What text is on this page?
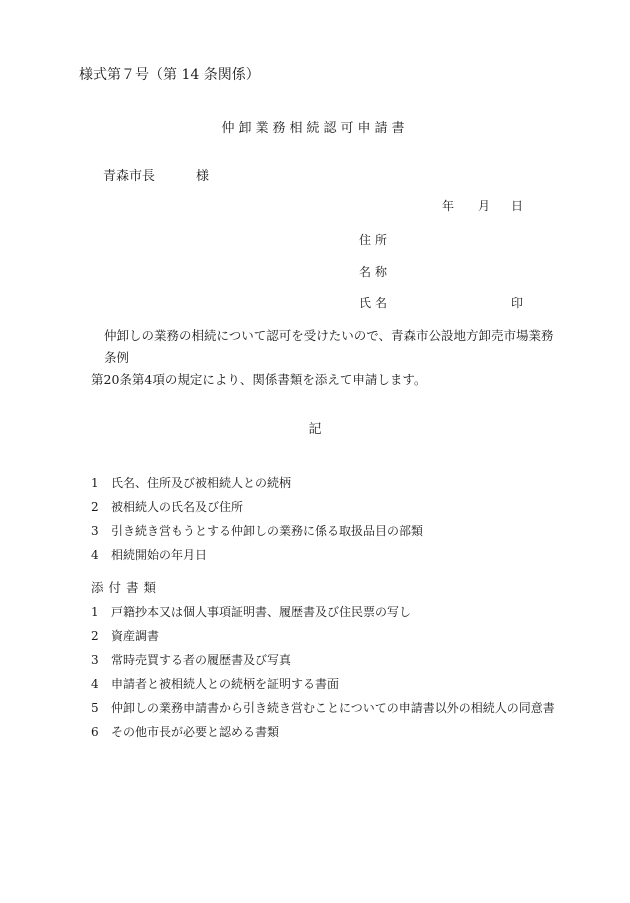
様式第７号（第 14 条関係）
仲卸業務相続認可申請書
青森市長	様
年 月 日
住所
名称
氏名	印

仲卸しの業務の相続について認可を受けたいので、青森市公設地方卸売市場業務条例

第20条第4項の規定により、関係書類を添えて申請します。

記
1 氏名、住所及び被相続人との続柄
2 被相続人の氏名及び住所
3 引き続き営もうとする仲卸しの業務に係る取扱品目の部類
4 相続開始の年月日
添付書類
1 戸籍抄本又は個人事項証明書、履歴書及び住民票の写し
2 資産調書
3 常時売買する者の履歴書及び写真
4 申請者と被相続人との続柄を証明する書面
5 仲卸しの業務申請書から引き続き営むことについての申請書以外の相続人の同意書
6 その他市長が必要と認める書類
